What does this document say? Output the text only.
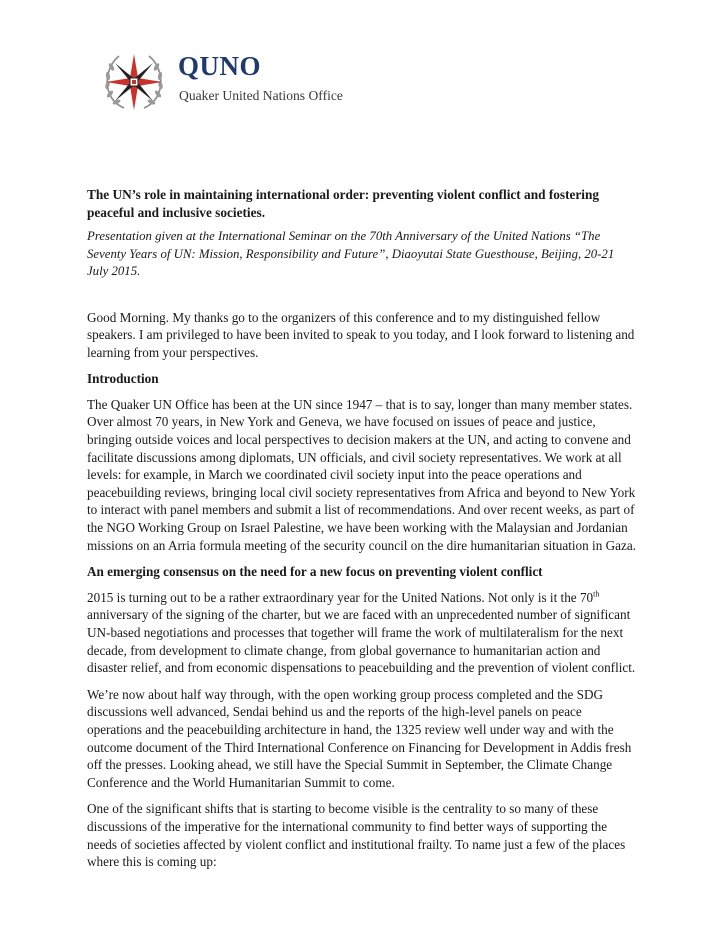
QUNO
Quaker United Nations Office

The UN’s role in maintaining international order: preventing violent conflict and fostering peaceful and inclusive societies.

Presentation given at the International Seminar on the 70th Anniversary of the United Nations “The Seventy Years of UN: Mission, Responsibility and Future”, Diaoyutai State Guesthouse, Beijing, 20-21 July 2015.

Good Morning. My thanks go to the organizers of this conference and to my distinguished fellow speakers. I am privileged to have been invited to speak to you today, and I look forward to listening and learning from your perspectives.

Introduction

The Quaker UN Office has been at the UN since 1947 – that is to say, longer than many member states. Over almost 70 years, in New York and Geneva, we have focused on issues of peace and justice, bringing outside voices and local perspectives to decision makers at the UN, and acting to convene and facilitate discussions among diplomats, UN officials, and civil society representatives. We work at all levels: for example, in March we coordinated civil society input into the peace operations and peacebuilding reviews, bringing local civil society representatives from Africa and beyond to New York to interact with panel members and submit a list of recommendations. And over recent weeks, as part of the NGO Working Group on Israel Palestine, we have been working with the Malaysian and Jordanian missions on an Arria formula meeting of the security council on the dire humanitarian situation in Gaza.

An emerging consensus on the need for a new focus on preventing violent conflict

2015 is turning out to be a rather extraordinary year for the United Nations. Not only is it the 70th anniversary of the signing of the charter, but we are faced with an unprecedented number of significant UN-based negotiations and processes that together will frame the work of multilateralism for the next decade, from development to climate change, from global governance to humanitarian action and disaster relief, and from economic dispensations to peacebuilding and the prevention of violent conflict.

We’re now about half way through, with the open working group process completed and the SDG discussions well advanced, Sendai behind us and the reports of the high-level panels on peace operations and the peacebuilding architecture in hand, the 1325 review well under way and with the outcome document of the Third International Conference on Financing for Development in Addis fresh off the presses. Looking ahead, we still have the Special Summit in September, the Climate Change Conference and the World Humanitarian Summit to come.

One of the significant shifts that is starting to become visible is the centrality to so many of these discussions of the imperative for the international community to find better ways of supporting the needs of societies affected by violent conflict and institutional frailty. To name just a few of the places where this is coming up:
